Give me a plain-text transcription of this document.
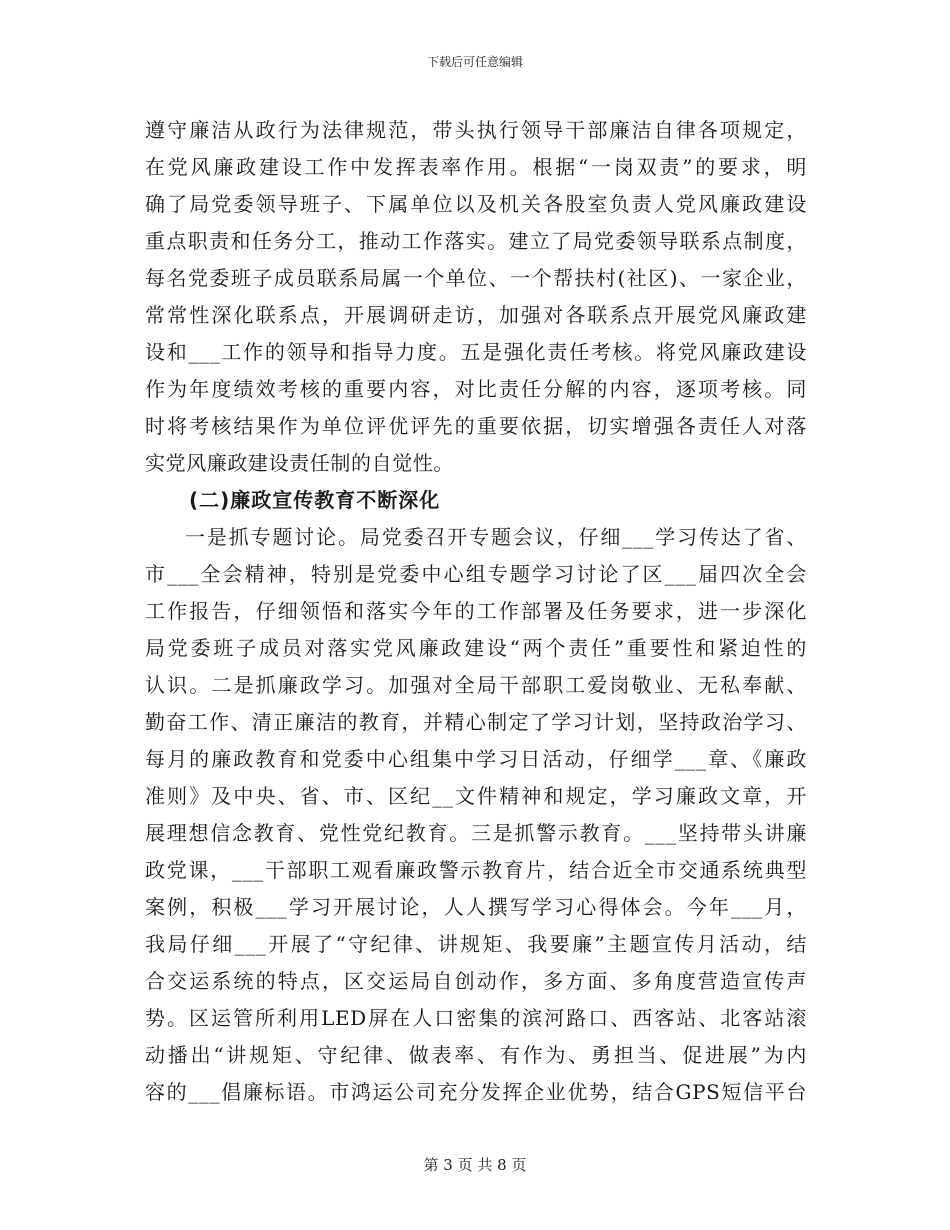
下载后可任意编辑
遵守廉洁从政行为法律规范，带头执行领导干部廉洁自律各项规定，
在党风廉政建设工作中发挥表率作用。根据“一岗双责”的要求，明
确了局党委领导班子、下属单位以及机关各股室负责人党风廉政建设
重点职责和任务分工，推动工作落实。建立了局党委领导联系点制度，
每名党委班子成员联系局属一个单位、一个帮扶村(社区)、一家企业，
常常性深化联系点，开展调研走访，加强对各联系点开展党风廉政建
设和___工作的领导和指导力度。五是强化责任考核。将党风廉政建设
作为年度绩效考核的重要内容，对比责任分解的内容，逐项考核。同
时将考核结果作为单位评优评先的重要依据，切实增强各责任人对落
实党风廉政建设责任制的自觉性。
(二)廉政宣传教育不断深化
一是抓专题讨论。局党委召开专题会议，仔细___学习传达了省、
市___全会精神，特别是党委中心组专题学习讨论了区___届四次全会
工作报告，仔细领悟和落实今年的工作部署及任务要求，进一步深化
局党委班子成员对落实党风廉政建设“两个责任”重要性和紧迫性的
认识。二是抓廉政学习。加强对全局干部职工爱岗敬业、无私奉献、
勤奋工作、清正廉洁的教育，并精心制定了学习计划，坚持政治学习、
每月的廉政教育和党委中心组集中学习日活动，仔细学___章、《廉政
准则》及中央、省、市、区纪__文件精神和规定，学习廉政文章，开
展理想信念教育、党性党纪教育。三是抓警示教育。___坚持带头讲廉
政党课，___干部职工观看廉政警示教育片，结合近全市交通系统典型
案例，积极___学习开展讨论，人人撰写学习心得体会。今年___月，
我局仔细___开展了“守纪律、讲规矩、我要廉”主题宣传月活动，结
合交运系统的特点，区交运局自创动作，多方面、多角度营造宣传声
势。区运管所利用LED屏在人口密集的滨河路口、西客站、北客站滚
动播出“讲规矩、守纪律、做表率、有作为、勇担当、促进展”为内
容的___倡廉标语。市鸿运公司充分发挥企业优势，结合GPS短信平台
第 3 页 共 8 页
